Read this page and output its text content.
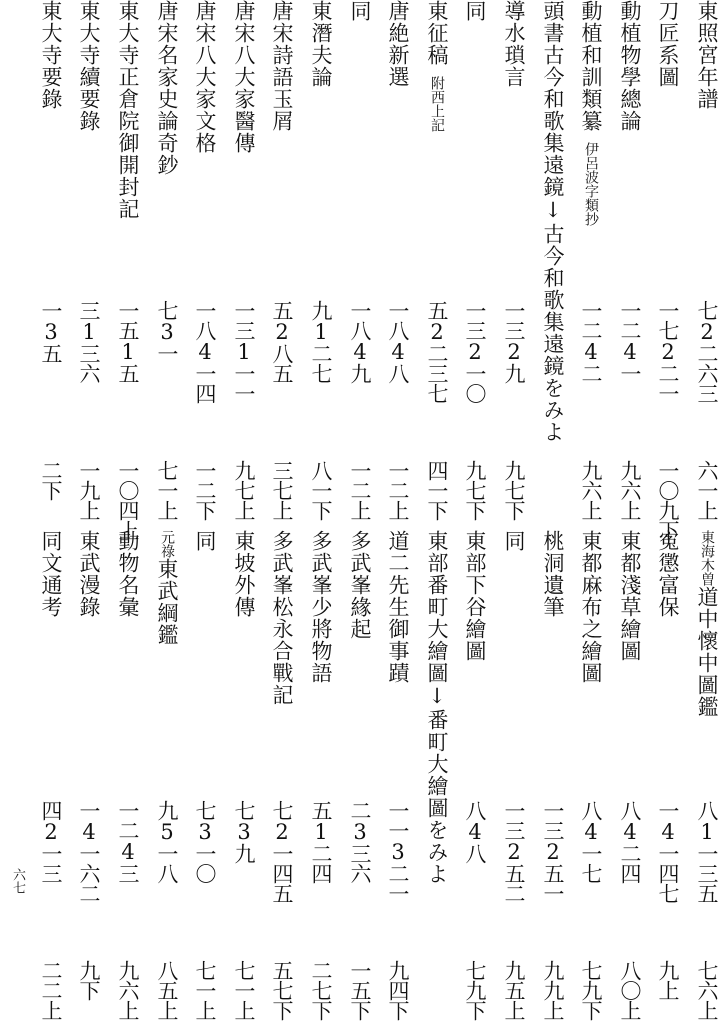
東照宮年譜
七2二六三
六一上
刀匠系圖
一七2二一
一〇九下
動植物學總論
一二4一
九六上
動植和訓類纂伊呂波字類抄
一二4二
九六上
頭書古今和歌集遠鏡↓古今和歌集遠鏡をみよ
導水瑣言
一三2九
九七下
同
一三2一〇
九七下
東征稿附西上記
五2二三七
四一下
唐絶新選
一八4八
一二上
同
一八4九
一二上
東潛夫論
九1二七
八一下
唐宋詩語玉屑
五2八五
三七上
唐宋八大家醫傳
一三1一一
九七上
唐宋八大家文格
一八4一四
一二下
唐宋名家史論奇鈔
七3一
七一上
東大寺正倉院御開封記
一五1五
一〇四上
東大寺續要錄
三1三六
一九上
東大寺要錄
一3五
二下
東海木曽道中懷中圖鑑
八1一三五
七六上
寃懲富保
一4一四七
九上
東都淺草繪圖
八4二四
八〇上
東都麻布之繪圖
八4一七
七九下
桃洞遺筆
一三2五一
九九上
同
一三2五二
九五上
東部下谷繪圖
八4八
七九下
東部番町大繪圖↓番町大繪圖をみよ
道二先生御事蹟
一一3二一
九四下
多武峯緣起
二3三六
一五下
多武峯少將物語
五1二四
二七下
多武峯松永合戰記
七2一四五
五七下
東坡外傳
七3九
七一上
同
七3一〇
七一上
元祿東武綱鑑
九5一八
八五上
動物名彙
一二4三
九六上
東武漫錄
一4一六二
九下
同文通考
四2一三
二二上
六七
